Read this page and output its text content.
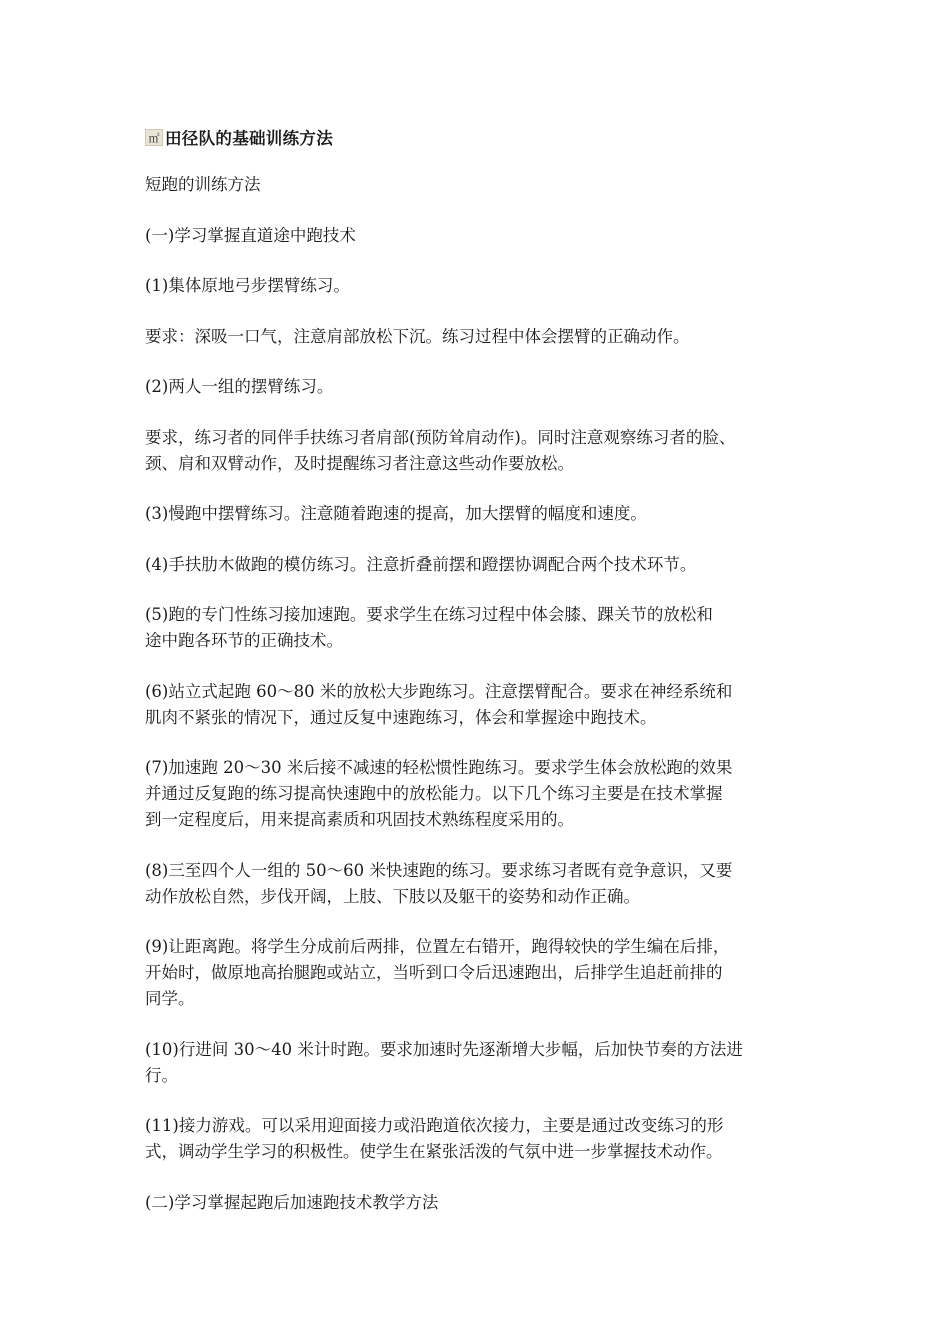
㎡ 田径队的基础训练方法

短跑的训练方法

(一)学习掌握直道途中跑技术

(1)集体原地弓步摆臂练习。

要求：深吸一口气，注意肩部放松下沉。练习过程中体会摆臂的正确动作。

(2)两人一组的摆臂练习。

要求，练习者的同伴手扶练习者肩部(预防耸肩动作)。同时注意观察练习者的脸、
颈、肩和双臂动作，及时提醒练习者注意这些动作要放松。

(3)慢跑中摆臂练习。注意随着跑速的提高，加大摆臂的幅度和速度。

(4)手扶肋木做跑的模仿练习。注意折叠前摆和蹬摆协调配合两个技术环节。

(5)跑的专门性练习接加速跑。要求学生在练习过程中体会膝、踝关节的放松和
途中跑各环节的正确技术。

(6)站立式起跑 60～80 米的放松大步跑练习。注意摆臂配合。要求在神经系统和
肌肉不紧张的情况下，通过反复中速跑练习，体会和掌握途中跑技术。

(7)加速跑 20～30 米后接不减速的轻松惯性跑练习。要求学生体会放松跑的效果
并通过反复跑的练习提高快速跑中的放松能力。以下几个练习主要是在技术掌握
到一定程度后，用来提高素质和巩固技术熟练程度采用的。

(8)三至四个人一组的 50～60 米快速跑的练习。要求练习者既有竞争意识，又要
动作放松自然，步伐开阔，上肢、下肢以及躯干的姿势和动作正确。

(9)让距离跑。将学生分成前后两排，位置左右错开，跑得较快的学生编在后排，
开始时，做原地高抬腿跑或站立，当听到口令后迅速跑出，后排学生追赶前排的
同学。

(10)行进间 30～40 米计时跑。要求加速时先逐渐增大步幅，后加快节奏的方法进
行。

(11)接力游戏。可以采用迎面接力或沿跑道依次接力，主要是通过改变练习的形
式，调动学生学习的积极性。使学生在紧张活泼的气氛中进一步掌握技术动作。

(二)学习掌握起跑后加速跑技术教学方法
